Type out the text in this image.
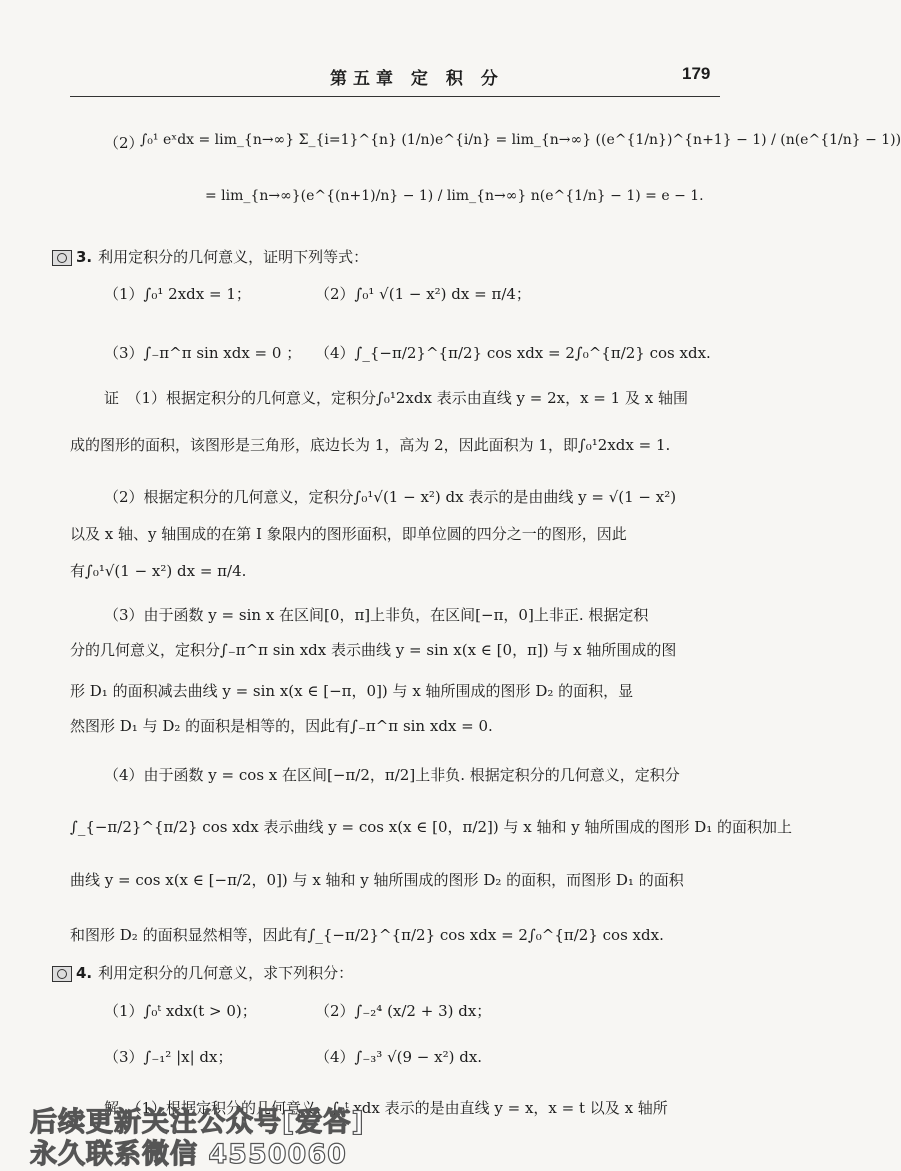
第五章 定 积 分	179
（2）
∫₀¹ eˣdx = lim_{n→∞} Σ_{i=1}^{n} (1/n)e^{i/n} = lim_{n→∞} ((e^{1/n})^{n+1} − 1) / (n(e^{1/n} − 1))
= lim_{n→∞}(e^{(n+1)/n} − 1) / lim_{n→∞} n(e^{1/n} − 1) = e − 1.
3. 利用定积分的几何意义，证明下列等式：
（1）∫₀¹ 2xdx = 1；	（2）∫₀¹ √(1 − x²) dx = π/4；
（3）∫₋π^π sin xdx = 0 ； （4）∫_{−π/2}^{π/2} cos xdx = 2∫₀^{π/2} cos xdx.
证　（1）根据定积分的几何意义，定积分∫₀¹2xdx 表示由直线 y = 2x，x = 1 及 x 轴围
成的图形的面积，该图形是三角形，底边长为 1，高为 2，因此面积为 1，即∫₀¹2xdx = 1.
（2）根据定积分的几何意义，定积分∫₀¹√(1 − x²) dx 表示的是由曲线 y = √(1 − x²)
以及 x 轴、y 轴围成的在第 Ⅰ 象限内的图形面积，即单位圆的四分之一的图形，因此
有∫₀¹√(1 − x²) dx = π/4.
（3）由于函数 y = sin x 在区间[0，π]上非负，在区间[−π，0]上非正. 根据定积
分的几何意义，定积分∫₋π^π sin xdx 表示曲线 y = sin x(x ∈ [0，π]) 与 x 轴所围成的图
形 D₁ 的面积减去曲线 y = sin x(x ∈ [−π，0]) 与 x 轴所围成的图形 D₂ 的面积，显
然图形 D₁ 与 D₂ 的面积是相等的，因此有∫₋π^π sin xdx = 0.
（4）由于函数 y = cos x 在区间[−π/2，π/2]上非负. 根据定积分的几何意义，定积分
∫_{−π/2}^{π/2} cos xdx 表示曲线 y = cos x(x ∈ [0，π/2]) 与 x 轴和 y 轴所围成的图形 D₁ 的面积加上
曲线 y = cos x(x ∈ [−π/2，0]) 与 x 轴和 y 轴所围成的图形 D₂ 的面积，而图形 D₁ 的面积
和图形 D₂ 的面积显然相等，因此有∫_{−π/2}^{π/2} cos xdx = 2∫₀^{π/2} cos xdx.
4. 利用定积分的几何意义，求下列积分：
（1）∫₀ᵗ xdx(t > 0)；	（2）∫₋₂⁴ (x/2 + 3) dx；
（3）∫₋₁² |x| dx；	（4）∫₋₃³ √(9 − x²) dx.
解　（1）根据定积分的几何意义，∫₀ᵗ xdx 表示的是由直线 y = x，x = t 以及 x 轴所
后续更新关注公众号[爱答]
永久联系微信 4550060
